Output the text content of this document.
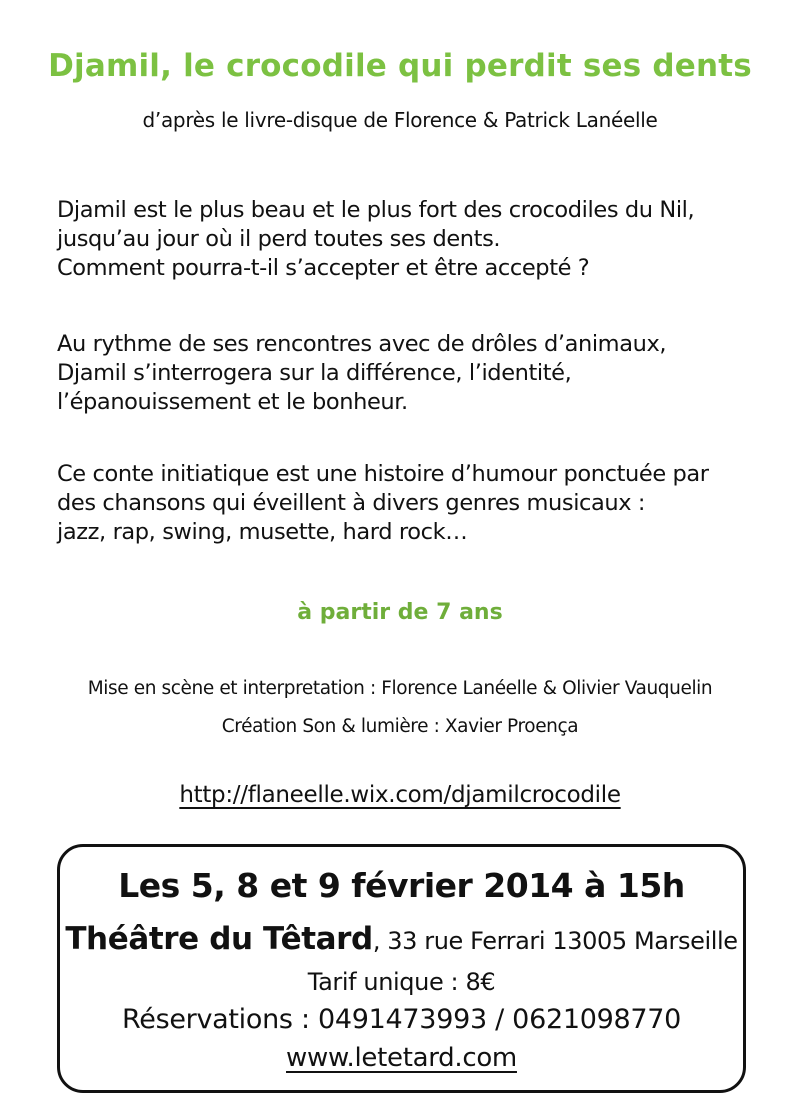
Djamil, le crocodile qui perdit ses dents
d’après le livre-disque de Florence & Patrick Lanéelle
Djamil est le plus beau et le plus fort des crocodiles du Nil,
jusqu’au jour où il perd toutes ses dents.
Comment pourra-t-il s’accepter et être accepté ?
Au rythme de ses rencontres avec de drôles d’animaux,
Djamil s’interrogera sur la différence, l’identité,
l’épanouissement et le bonheur.
Ce conte initiatique est une histoire d’humour ponctuée par
des chansons qui éveillent à divers genres musicaux :
jazz, rap, swing, musette, hard rock…
à partir de 7 ans
Mise en scène et interpretation : Florence Lanéelle & Olivier Vauquelin
Création Son & lumière : Xavier Proença
http://flaneelle.wix.com/djamilcrocodile
Les 5, 8 et 9 février 2014 à 15h
Théâtre du Têtard, 33 rue Ferrari 13005 Marseille
Tarif unique : 8€
Réservations : 0491473993 / 0621098770
www.letetard.com
